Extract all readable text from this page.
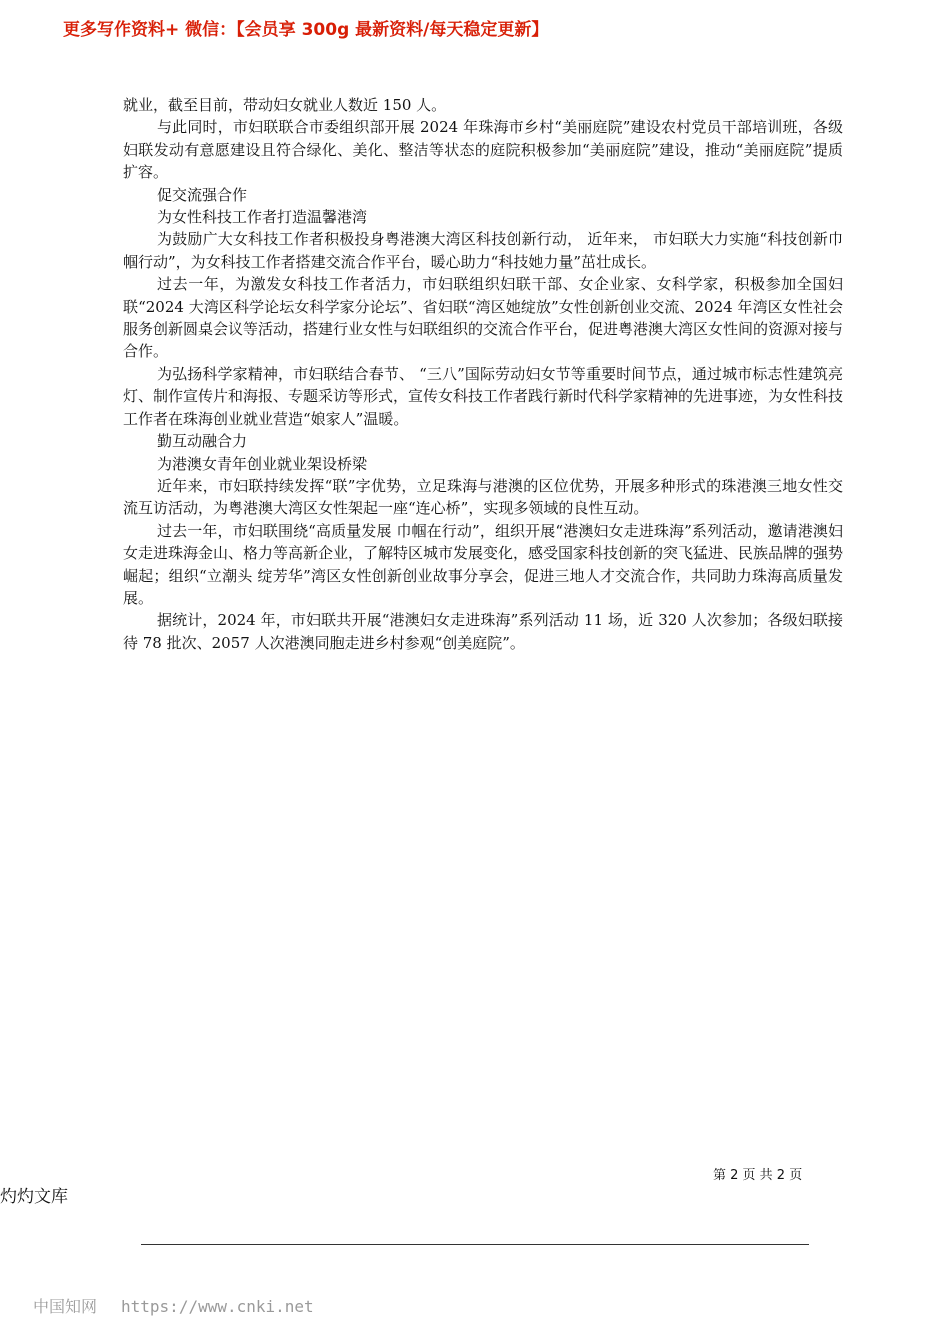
更多写作资料+ 微信：【会员享 300g 最新资料/每天稳定更新】

就业，截至目前，带动妇女就业人数近 150 人。

与此同时，市妇联联合市委组织部开展 2024 年珠海市乡村“美丽庭院”建设农村党员干部培训班，各级妇联发动有意愿建设且符合绿化、美化、整洁等状态的庭院积极参加“美丽庭院”建设，推动“美丽庭院”提质扩容。

促交流强合作

为女性科技工作者打造温馨港湾

为鼓励广大女科技工作者积极投身粤港澳大湾区科技创新行动， 近年来， 市妇联大力实施“科技创新巾帼行动”，为女科技工作者搭建交流合作平台，暖心助力“科技她力量”茁壮成长。

过去一年，为激发女科技工作者活力，市妇联组织妇联干部、女企业家、女科学家，积极参加全国妇联“2024 大湾区科学论坛女科学家分论坛”、省妇联“湾区她绽放”女性创新创业交流、2024 年湾区女性社会服务创新圆桌会议等活动，搭建行业女性与妇联组织的交流合作平台，促进粤港澳大湾区女性间的资源对接与合作。

为弘扬科学家精神，市妇联结合春节、 “三八”国际劳动妇女节等重要时间节点，通过城市标志性建筑亮灯、制作宣传片和海报、专题采访等形式，宣传女科技工作者践行新时代科学家精神的先进事迹，为女性科技工作者在珠海创业就业营造“娘家人”温暖。

勤互动融合力

为港澳女青年创业就业架设桥梁

近年来，市妇联持续发挥“联”字优势，立足珠海与港澳的区位优势，开展多种形式的珠港澳三地女性交流互访活动，为粤港澳大湾区女性架起一座“连心桥”，实现多领域的良性互动。

过去一年，市妇联围绕“高质量发展 巾帼在行动”，组织开展“港澳妇女走进珠海”系列活动，邀请港澳妇女走进珠海金山、格力等高新企业，了解特区城市发展变化，感受国家科技创新的突飞猛进、民族品牌的强势崛起；组织“立潮头 绽芳华”湾区女性创新创业故事分享会，促进三地人才交流合作，共同助力珠海高质量发展。

据统计，2024 年，市妇联共开展“港澳妇女走进珠海”系列活动 11 场，近 320 人次参加；各级妇联接待 78 批次、2057 人次港澳同胞走进乡村参观“创美庭院”。

第 2 页 共 2 页
灼灼文库
中国知网 https://www.cnki.net
